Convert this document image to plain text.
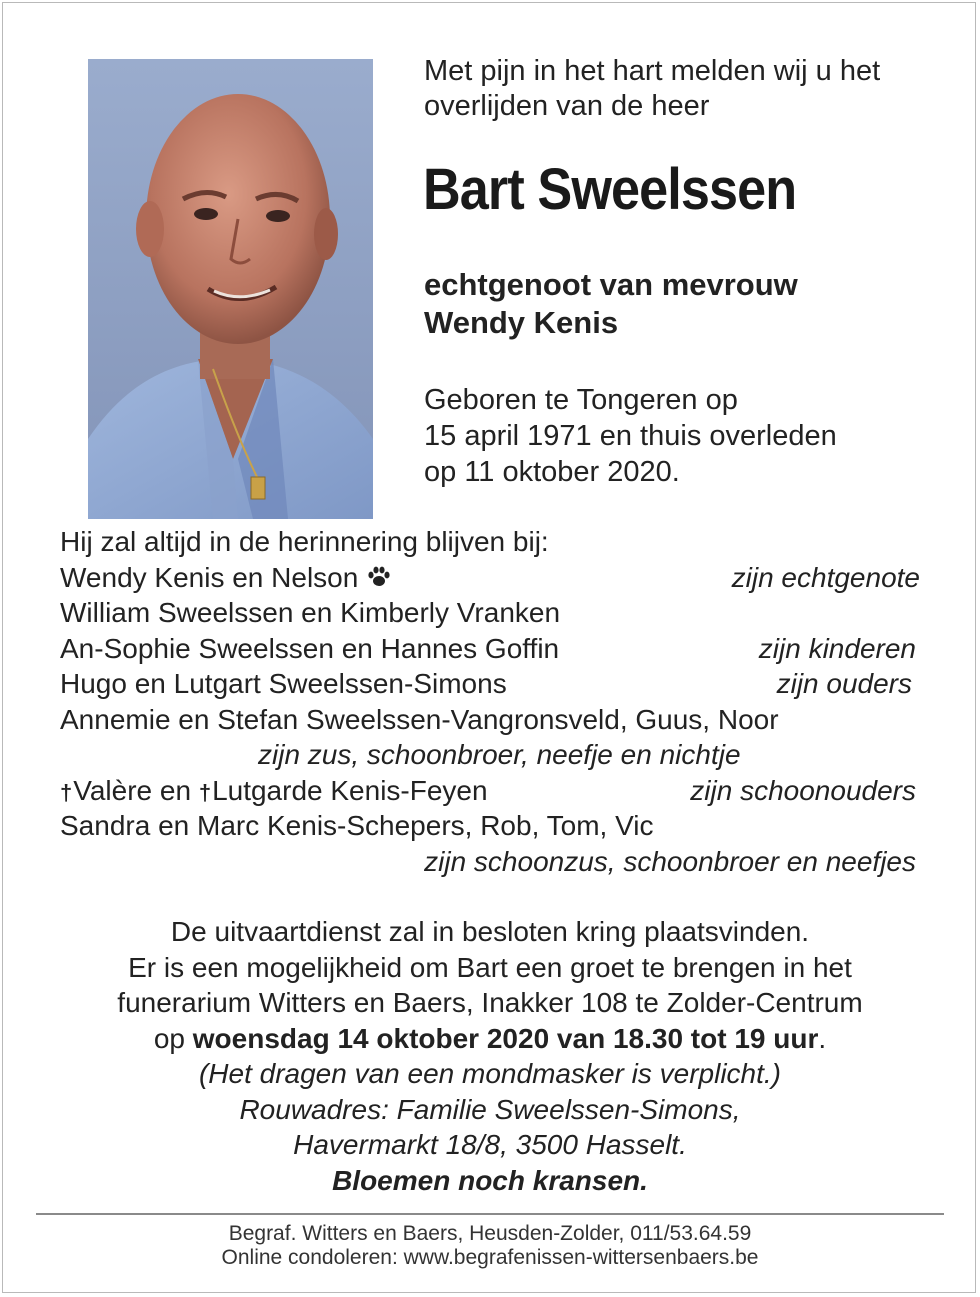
Met pijn in het hart melden wij u het
overlijden van de heer
Bart Sweelssen
echtgenoot van mevrouw
Wendy Kenis
Geboren te Tongeren op
15 april 1971 en thuis overleden
op 11 oktober 2020.
Hij zal altijd in de herinnering blijven bij:
Wendy Kenis en Nelson	zijn echtgenote
William Sweelssen en Kimberly Vranken
An-Sophie Sweelssen en Hannes Goffin	zijn kinderen
Hugo en Lutgart Sweelssen-Simons	zijn ouders
Annemie en Stefan Sweelssen-Vangronsveld, Guus, Noor
zijn zus, schoonbroer, neefje en nichtje
†Valère en †Lutgarde Kenis-Feyen	zijn schoonouders
Sandra en Marc Kenis-Schepers, Rob, Tom, Vic
zijn schoonzus, schoonbroer en neefjes
De uitvaartdienst zal in besloten kring plaatsvinden.
Er is een mogelijkheid om Bart een groet te brengen in het
funerarium Witters en Baers, Inakker 108 te Zolder-Centrum
op woensdag 14 oktober 2020 van 18.30 tot 19 uur.
(Het dragen van een mondmasker is verplicht.)
Rouwadres: Familie Sweelssen-Simons,
Havermarkt 18/8, 3500 Hasselt.
Bloemen noch kransen.
Begraf. Witters en Baers, Heusden-Zolder, 011/53.64.59
Online condoleren: www.begrafenissen-wittersenbaers.be
